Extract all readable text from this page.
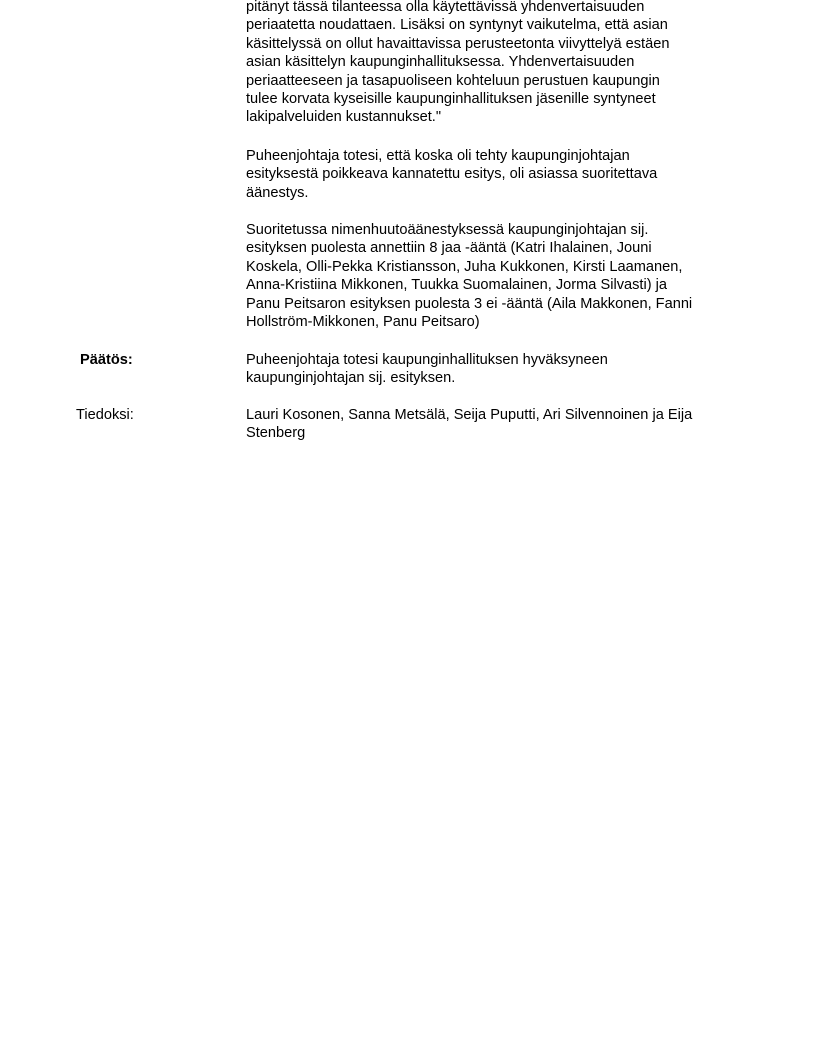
pitänyt tässä tilanteessa olla käytettävissä yhdenvertaisuuden
periaatetta noudattaen. Lisäksi on syntynyt vaikutelma, että asian
käsittelyssä on ollut havaittavissa perusteetonta viivyttelyä estäen
asian käsittelyn kaupunginhallituksessa. Yhdenvertaisuuden
periaatteeseen ja tasapuoliseen kohteluun perustuen kaupungin
tulee korvata kyseisille kaupunginhallituksen jäsenille syntyneet
lakipalveluiden kustannukset."

Puheenjohtaja totesi, että koska oli tehty kaupunginjohtajan
esityksestä poikkeava kannatettu esitys, oli asiassa suoritettava
äänestys.

Suoritetussa nimenhuutoäänestyksessä kaupunginjohtajan sij.
esityksen puolesta annettiin 8 jaa -ääntä (Katri Ihalainen, Jouni
Koskela, Olli-Pekka Kristiansson, Juha Kukkonen, Kirsti Laamanen,
Anna-Kristiina Mikkonen, Tuukka Suomalainen, Jorma Silvasti) ja
Panu Peitsaron esityksen puolesta 3 ei -ääntä (Aila Makkonen, Fanni
Hollström-Mikkonen, Panu Peitsaro)

Päätös:	Puheenjohtaja totesi kaupunginhallituksen hyväksyneen
kaupunginjohtajan sij. esityksen.

Tiedoksi:	Lauri Kosonen, Sanna Metsälä, Seija Puputti, Ari Silvennoinen ja Eija
Stenberg
